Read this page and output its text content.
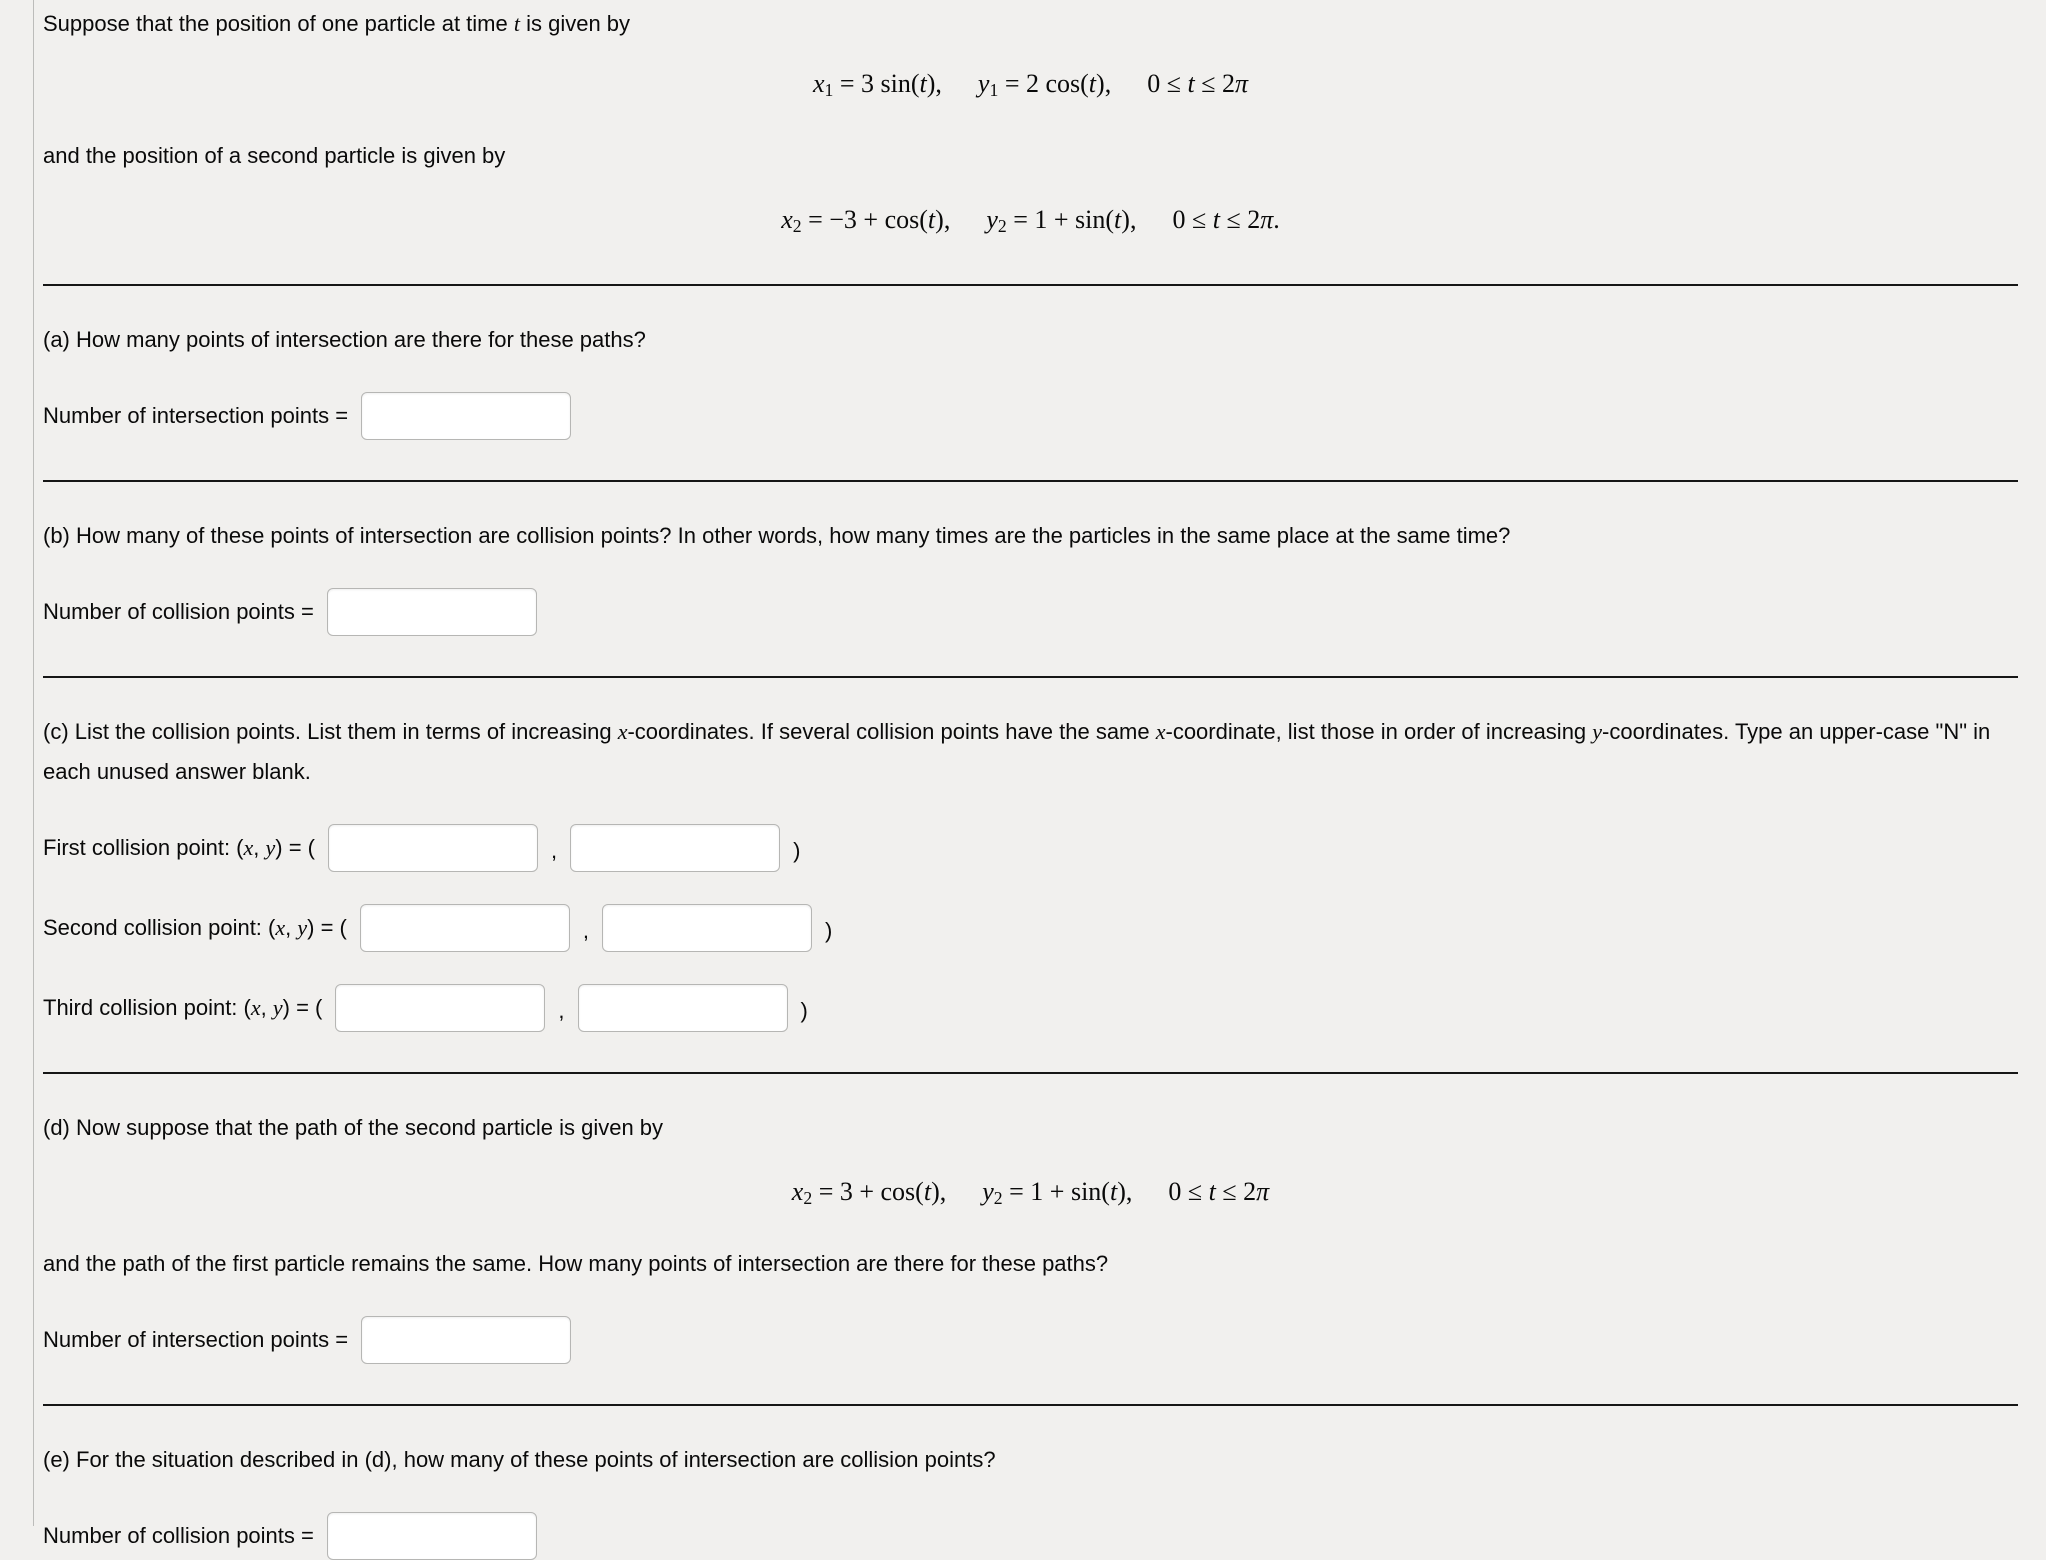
Suppose that the position of one particle at time t is given by

x1 = 3 sin(t), y1 = 2 cos(t), 0 ≤ t ≤ 2π

and the position of a second particle is given by

x2 = −3 + cos(t), y2 = 1 + sin(t), 0 ≤ t ≤ 2π.

(a) How many points of intersection are there for these paths?

Number of intersection points =

(b) How many of these points of intersection are collision points? In other words, how many times are the particles in the same place at the same time?

Number of collision points =

(c) List the collision points. List them in terms of increasing x-coordinates. If several collision points have the same x-coordinate, list those in order of increasing y-coordinates. Type an upper-case "N" in each unused answer blank.

First collision point: (x, y) = (	,	)
Second collision point: (x, y) = (	,	)
Third collision point: (x, y) = (	,	)

(d) Now suppose that the path of the second particle is given by

x2 = 3 + cos(t), y2 = 1 + sin(t), 0 ≤ t ≤ 2π

and the path of the first particle remains the same. How many points of intersection are there for these paths?

Number of intersection points =

(e) For the situation described in (d), how many of these points of intersection are collision points?

Number of collision points =
